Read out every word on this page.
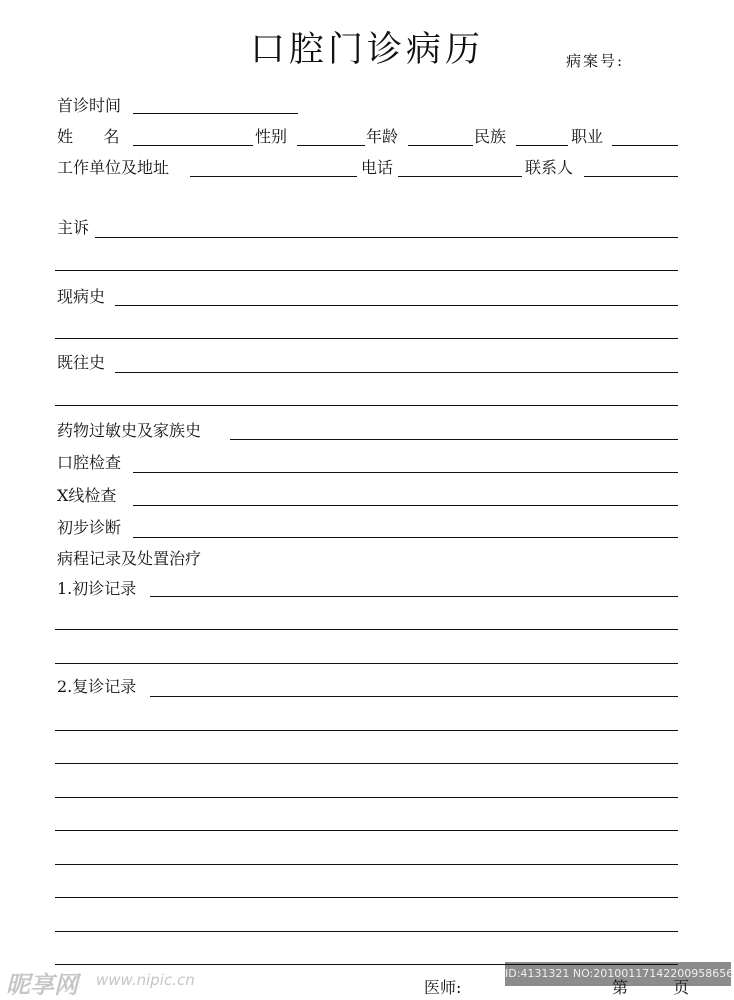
口腔门诊病历	病案号:
首诊时间
姓      名	性别	年龄	民族	职业
工作单位及地址	电话	联系人
主诉
现病史
既往史
药物过敏史及家族史
口腔检查
X线检查
初步诊断
病程记录及处置治疗
1.初诊记录
2.复诊记录
昵享网 www.nipic.cn	ID:4131321 NO:20100117142200958656
医师:	第 页
